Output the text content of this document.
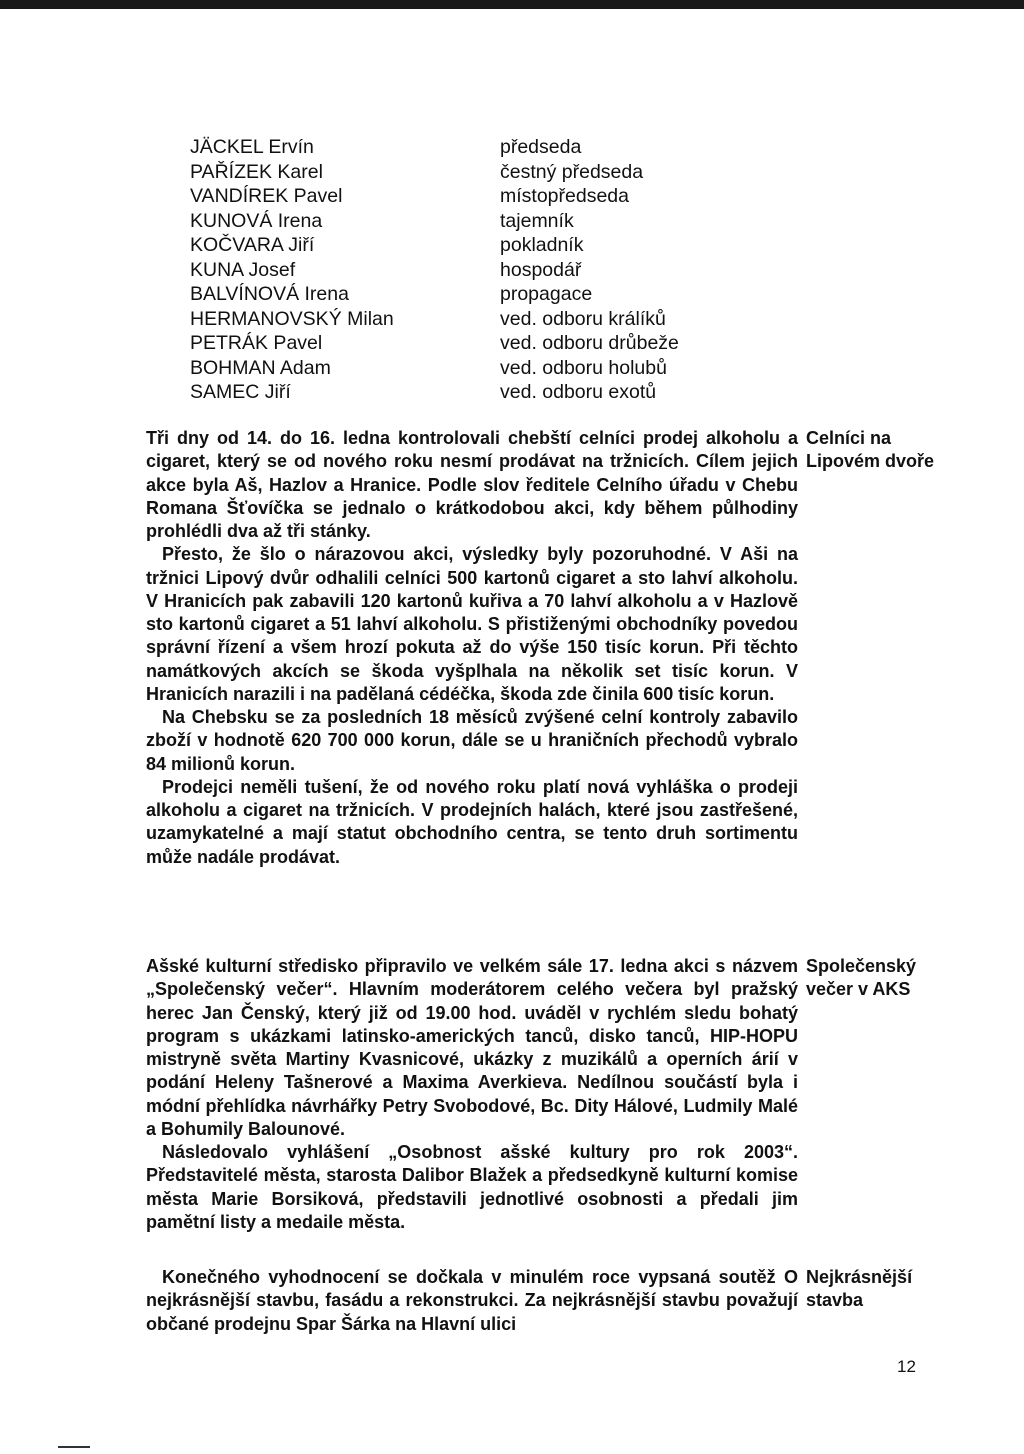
JÄCKEL Ervín	předseda
PAŘÍZEK Karel	čestný předseda
VANDÍREK Pavel	místopředseda
KUNOVÁ Irena	tajemník
KOČVARA Jiří	pokladník
KUNA Josef	hospodář
BALVÍNOVÁ Irena	propagace
HERMANOVSKÝ Milan	ved. odboru králíků
PETRÁK Pavel	ved. odboru drůbeže
BOHMAN Adam	ved. odboru holubů
SAMEC Jiří	ved. odboru exotů

Tři dny od 14. do 16. ledna kontrolovali chebští celníci prodej alkoholu a cigaret, který se od nového roku nesmí prodávat na tržnicích. Cílem jejich akce byla Aš, Hazlov a Hranice. Podle slov ředitele Celního úřadu v Chebu Romana Šťovíčka se jednalo o krátkodobou akci, kdy během půlhodiny prohlédli dva až tři stánky.

Přesto, že šlo o nárazovou akci, výsledky byly pozoruhodné. V Aši na tržnici Lipový dvůr odhalili celníci 500 kartonů cigaret a sto lahví alkoholu. V Hranicích pak zabavili 120 kartonů kuřiva a 70 lahví alkoholu a v Hazlově sto kartonů cigaret a 51 lahví alkoholu. S přistiženými obchodníky povedou správní řízení a všem hrozí pokuta až do výše 150 tisíc korun. Při těchto namátkových akcích se škoda vyšplhala na několik set tisíc korun. V Hranicích narazili i na padělaná cédéčka, škoda zde činila 600 tisíc korun.

Na Chebsku se za posledních 18 měsíců zvýšené celní kontroly zabavilo zboží v hodnotě 620 700 000 korun, dále se u hraničních přechodů vybralo 84 milionů korun.

Prodejci neměli tušení, že od nového roku platí nová vyhláška o prodeji alkoholu a cigaret na tržnicích. V prodejních halách, které jsou zastřešené, uzamykatelné a mají statut obchodního centra, se tento druh sortimentu může nadále prodávat.

Celníci na
Lipovém dvoře

Ašské kulturní středisko připravilo ve velkém sále 17. ledna akci s názvem „Společenský večer“. Hlavním moderátorem celého večera byl pražský herec Jan Čenský, který již od 19.00 hod. uváděl v rychlém sledu bohatý program s ukázkami latinsko-amerických tanců, disko tanců, HIP-HOPU mistryně světa Martiny Kvasnicové, ukázky z muzikálů a operních árií v podání Heleny Tašnerové a Maxima Averkieva. Nedílnou součástí byla i módní přehlídka návrhářky Petry Svobodové, Bc. Dity Hálové, Ludmily Malé a Bohumily Balounové.

Následovalo vyhlášení „Osobnost ašské kultury pro rok 2003“. Představitelé města, starosta Dalibor Blažek a předsedkyně kulturní komise města Marie Borsiková, představili jednotlivé osobnosti a předali jim pamětní listy a medaile města.

Společenský
večer v AKS

Konečného vyhodnocení se dočkala v minulém roce vypsaná soutěž O nejkrásnější stavbu, fasádu a rekonstrukci. Za nejkrásnější stavbu považují občané prodejnu Spar Šárka na Hlavní ulici

Nejkrásnější
stavba
12
